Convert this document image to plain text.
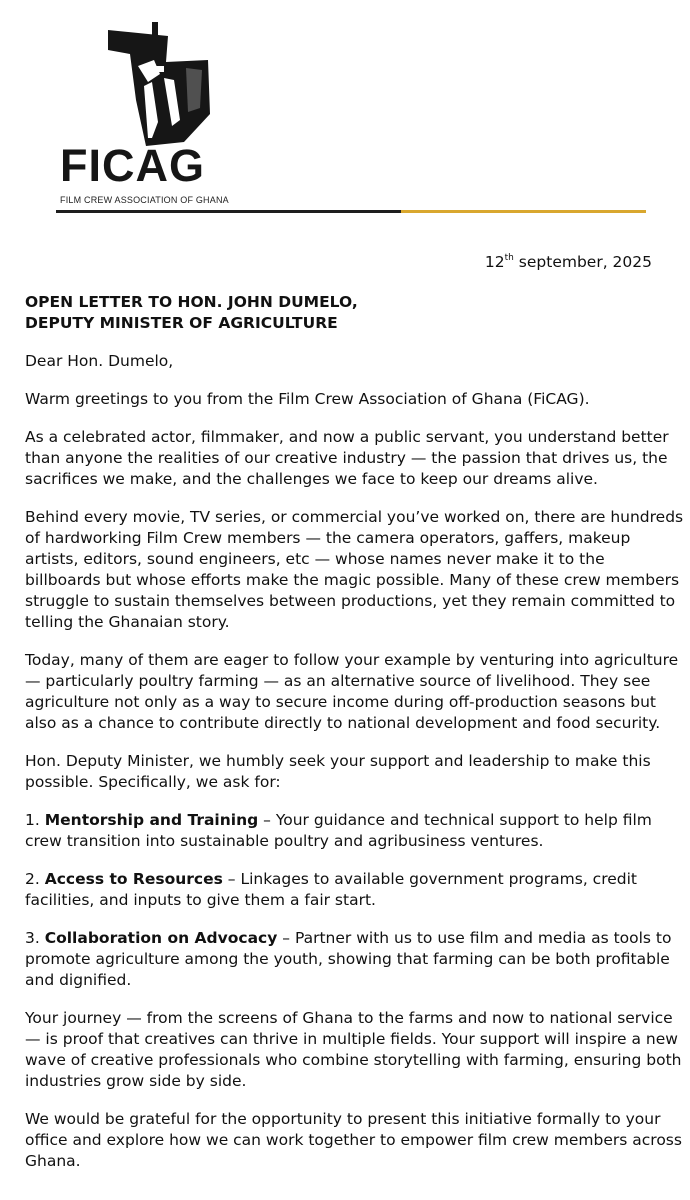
FICAG
FILM CREW ASSOCIATION OF GHANA
12th september, 2025

OPEN LETTER TO HON. JOHN DUMELO,
DEPUTY MINISTER OF AGRICULTURE

Dear Hon. Dumelo,

Warm greetings to you from the Film Crew Association of Ghana (FiCAG).

As a celebrated actor, filmmaker, and now a public servant, you understand better
than anyone the realities of our creative industry — the passion that drives us, the
sacrifices we make, and the challenges we face to keep our dreams alive.

Behind every movie, TV series, or commercial you’ve worked on, there are hundreds
of hardworking Film Crew members — the camera operators, gaffers, makeup
artists, editors, sound engineers, etc — whose names never make it to the
billboards but whose efforts make the magic possible. Many of these crew members
struggle to sustain themselves between productions, yet they remain committed to
telling the Ghanaian story.

Today, many of them are eager to follow your example by venturing into agriculture
— particularly poultry farming — as an alternative source of livelihood. They see
agriculture not only as a way to secure income during off-production seasons but
also as a chance to contribute directly to national development and food security.

Hon. Deputy Minister, we humbly seek your support and leadership to make this
possible. Specifically, we ask for:

1. Mentorship and Training – Your guidance and technical support to help film
crew transition into sustainable poultry and agribusiness ventures.

2. Access to Resources – Linkages to available government programs, credit
facilities, and inputs to give them a fair start.

3. Collaboration on Advocacy – Partner with us to use film and media as tools to
promote agriculture among the youth, showing that farming can be both profitable
and dignified.

Your journey — from the screens of Ghana to the farms and now to national service
— is proof that creatives can thrive in multiple fields. Your support will inspire a new
wave of creative professionals who combine storytelling with farming, ensuring both
industries grow side by side.

We would be grateful for the opportunity to present this initiative formally to your
office and explore how we can work together to empower film crew members across
Ghana.
